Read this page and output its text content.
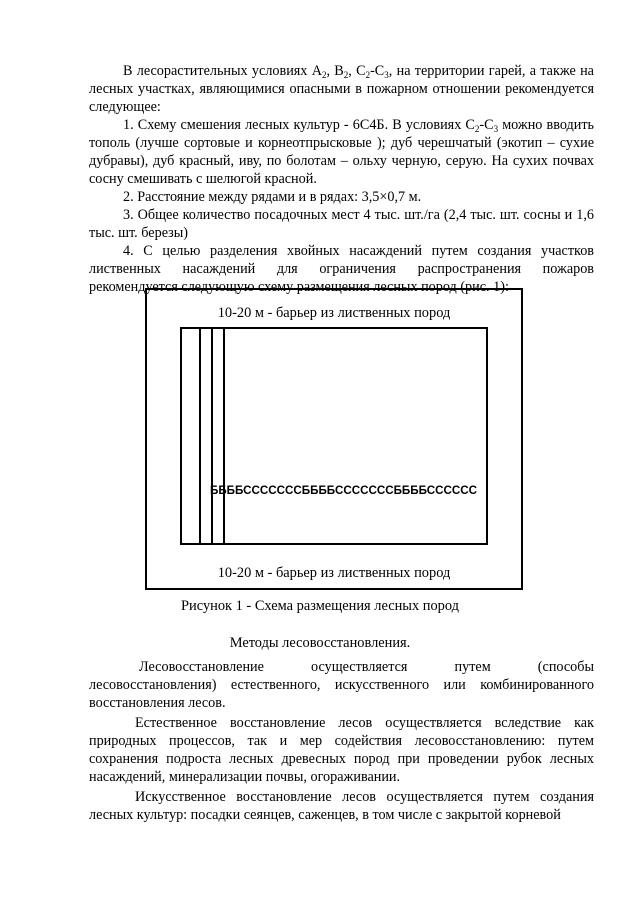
В лесорастительных условиях $А_2$, $В_2$, $С_2-С_3$, на территории гарей, а также на лесных участках, являющимися опасными в пожарном отношении рекомендуется следующее:

1. Схему смешения лесных культур - 6С4Б. В условиях $С_2-С_3$ можно вводить тополь (лучше сортовые и корнеотпрысковые ); дуб черешчатый (экотип – сухие дубравы), дуб красный, иву, по болотам – ольху черную, серую. На сухих почвах сосну смешивать с шелюгой красной.

2. Расстояние между рядами и в рядах: 3,5×0,7 м.

3. Общее количество посадочных мест 4 тыс. шт./га (2,4 тыс. шт. сосны и 1,6 тыс. шт. березы)

4. С целью разделения хвойных насаждений путем создания участков лиственных насаждений для ограничения распространения пожаров рекомендуется следующую схему размещения лесных пород (рис. 1):

10-20 м - барьер из лиственных пород
ББББСССССССББББСССССССББББСССССС
10-20 м - барьер из лиственных пород
Рисунок 1 - Схема размещения лесных пород
Методы лесовосстановления.

Лесовосстановление осуществляется путем (способы лесовосстановления) естественного, искусственного или комбинированного восстановления лесов.

Естественное восстановление лесов осуществляется вследствие как природных процессов, так и мер содействия лесовосстановлению: путем сохранения подроста лесных древесных пород при проведении рубок лесных насаждений, минерализации почвы, огораживании.

Искусственное восстановление лесов осуществляется путем создания лесных культур: посадки сеянцев, саженцев, в том числе с закрытой корневой
